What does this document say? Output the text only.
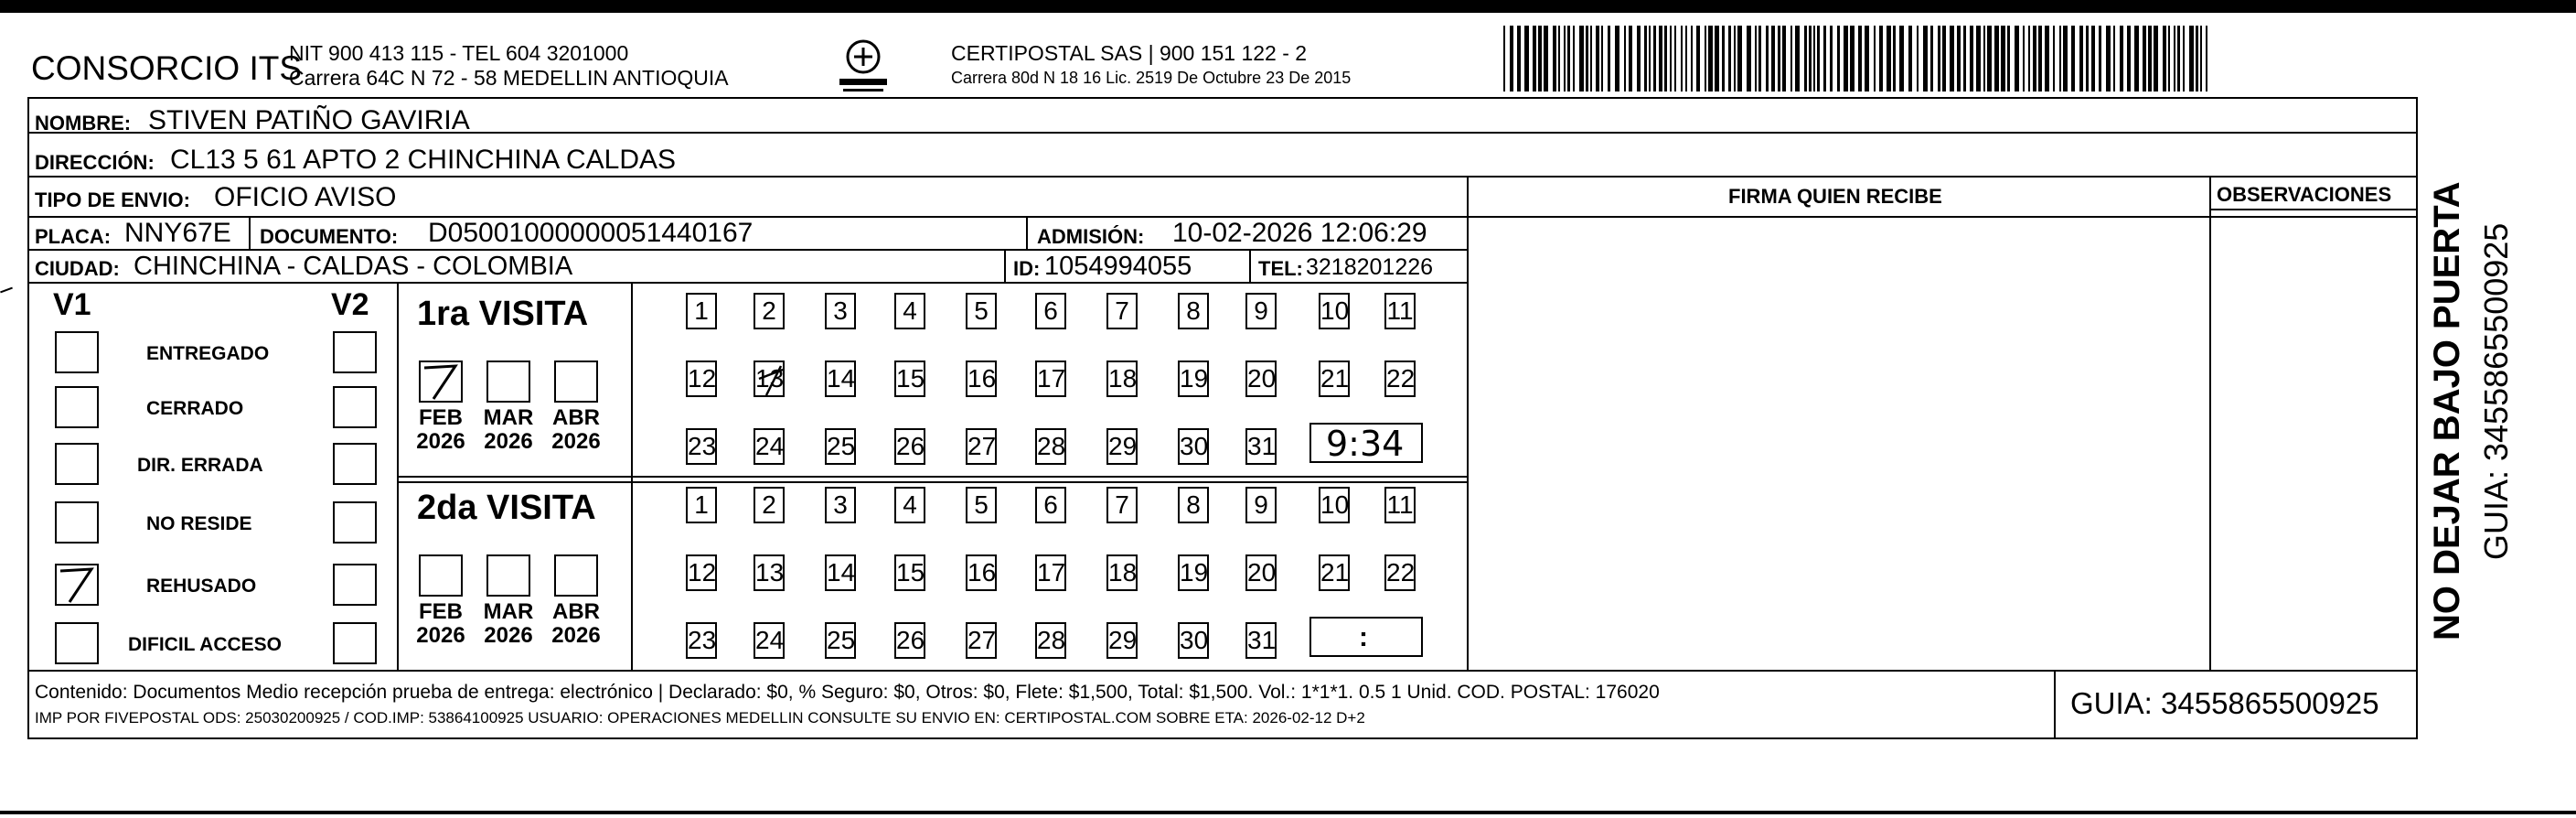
CONSORCIO ITS
NIT 900 413 115 - TEL 604 3201000
Carrera 64C N 72 - 58 MEDELLIN ANTIOQUIA
CERTIPOSTAL SAS | 900 151 122 - 2
Carrera 80d N 18 16 Lic. 2519 De Octubre 23 De 2015
NOMBRE: STIVEN PATIÑO GAVIRIA
DIRECCIÓN: CL13 5 61 APTO 2 CHINCHINA CALDAS
TIPO DE ENVIO: OFICIO AVISO	FIRMA QUIEN RECIBE	OBSERVACIONES
PLACA: NNY67E DOCUMENTO: D05001000000051440167	ADMISIÓN: 10-02-2026 12:06:29
CIUDAD: CHINCHINA - CALDAS - COLOMBIA	ID: 1054994055	TEL: 3218201226
V1	V2 1ra VISITA
2da VISITA
9:34
:
Contenido: Documentos Medio recepción prueba de entrega: electrónico | Declarado: $0, % Seguro: $0, Otros: $0, Flete: $1,500, Total: $1,500. Vol.: 1*1*1. 0.5 1 Unid. COD. POSTAL: 176020
IMP POR FIVEPOSTAL ODS: 25030200925 / COD.IMP: 53864100925 USUARIO: OPERACIONES MEDELLIN CONSULTE SU ENVIO EN: CERTIPOSTAL.COM SOBRE ETA: 2026-02-12 D+2	GUIA: 3455865500925
NO DEJAR BAJO PUERTA GUIA: 3455865500925
ENTREGADO
CERRADO
DIR. ERRADA
NO RESIDE
REHUSADO
DIFICIL ACCESO
FEB
2026
MAR
2026
ABR
2026
FEB
2026
MAR
2026
ABR
2026
1	2	3	4	5	6	7	8	9	10 11
12 13 14 15 16 17 18 19 20 21 22
23 24 25 26 27 28 29 30 31
1	2	3	4	5	6	7	8	9	10 11
12 13 14 15 16 17 18 19 20 21 22
23 24 25 26 27 28 29 30 31
